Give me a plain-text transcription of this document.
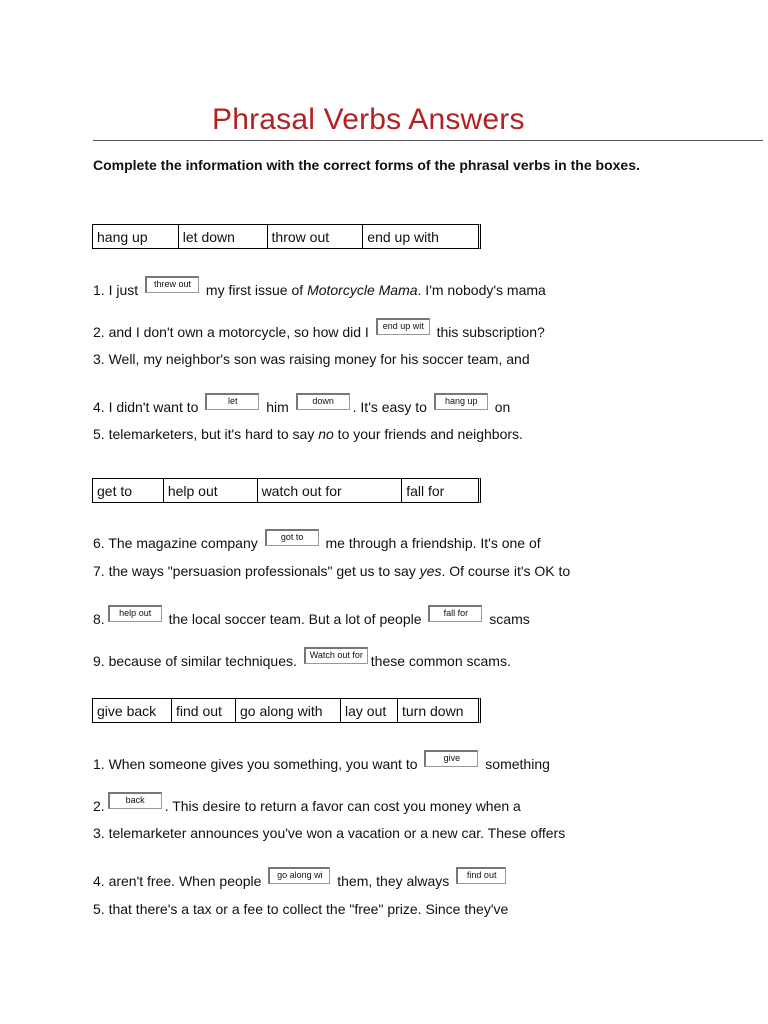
Phrasal Verbs Answers
Complete the information with the correct forms of the phrasal verbs in the boxes.
hang up	let down	throw out	end up with
1. I just	threw out	my first issue of Motorcycle Mama. I'm nobody's mama
2. and I don't own a motorcycle, so how did I	end up wit this subscription?
3. Well, my neighbor's son was raising money for his soccer team, and
4. I didn't want to	let	him	down	. It's easy to	hang up	on
5. telemarketers, but it's hard to say no to your friends and neighbors.
get to	help out	watch out for	fall for
6. The magazine company	got to	me through a friendship. It's one of
7. the ways "persuasion professionals" get us to say yes. Of course it's OK to
8.	help out	the local soccer team. But a lot of people	fall for	scams
9. because of similar techniques.	Watch out for these common scams.
give back	find out	go along with	lay out	turn down
1. When someone gives you something, you want to	give	something
2.	back	. This desire to return a favor can cost you money when a
3. telemarketer announces you've won a vacation or a new car. These offers
4. aren't free. When people	go along wi	them, they always	find out
5. that there's a tax or a fee to collect the "free" prize. Since they've
